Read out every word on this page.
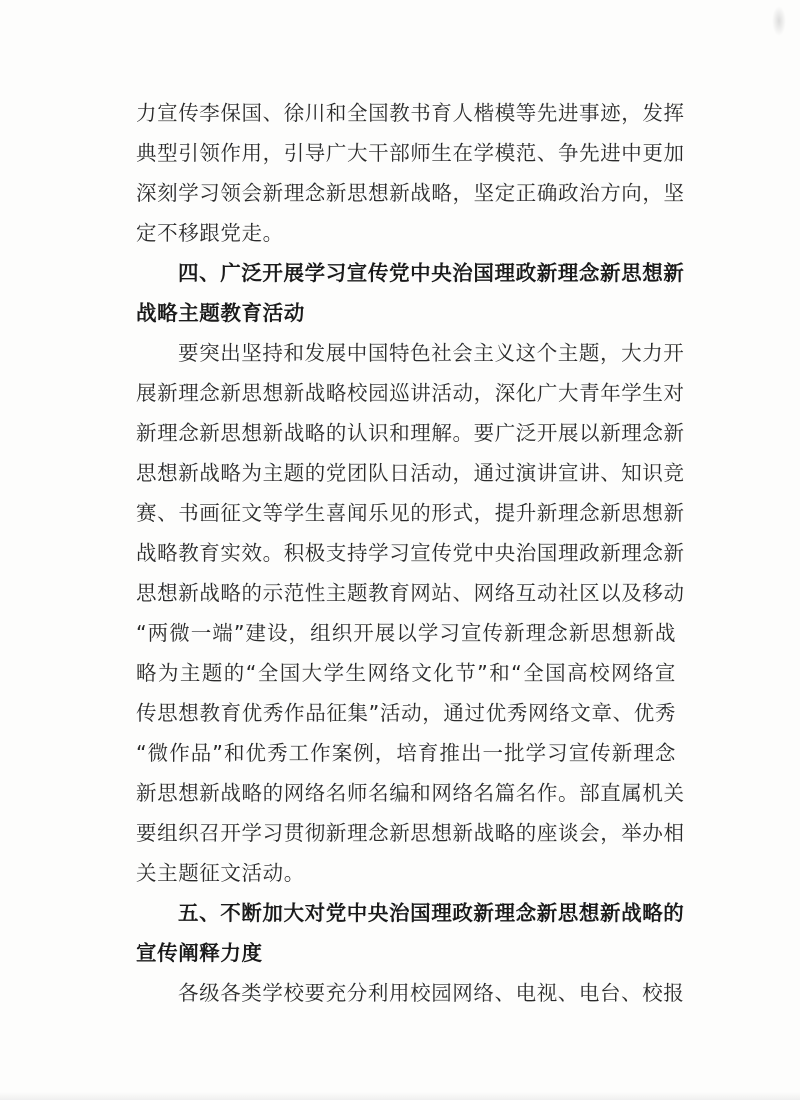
力宣传李保国、徐川和全国教书育人楷模等先进事迹，发挥
典型引领作用，引导广大干部师生在学模范、争先进中更加
深刻学习领会新理念新思想新战略，坚定正确政治方向，坚
定不移跟党走。
四、广泛开展学习宣传党中央治国理政新理念新思想新
战略主题教育活动
要突出坚持和发展中国特色社会主义这个主题，大力开
展新理念新思想新战略校园巡讲活动，深化广大青年学生对
新理念新思想新战略的认识和理解。要广泛开展以新理念新
思想新战略为主题的党团队日活动，通过演讲宣讲、知识竞
赛、书画征文等学生喜闻乐见的形式，提升新理念新思想新
战略教育实效。积极支持学习宣传党中央治国理政新理念新
思想新战略的示范性主题教育网站、网络互动社区以及移动
“两微一端”建设，组织开展以学习宣传新理念新思想新战
略为主题的“全国大学生网络文化节”和“全国高校网络宣
传思想教育优秀作品征集”活动，通过优秀网络文章、优秀
“微作品”和优秀工作案例，培育推出一批学习宣传新理念
新思想新战略的网络名师名编和网络名篇名作。部直属机关
要组织召开学习贯彻新理念新思想新战略的座谈会，举办相
关主题征文活动。
五、不断加大对党中央治国理政新理念新思想新战略的
宣传阐释力度
各级各类学校要充分利用校园网络、电视、电台、校报
